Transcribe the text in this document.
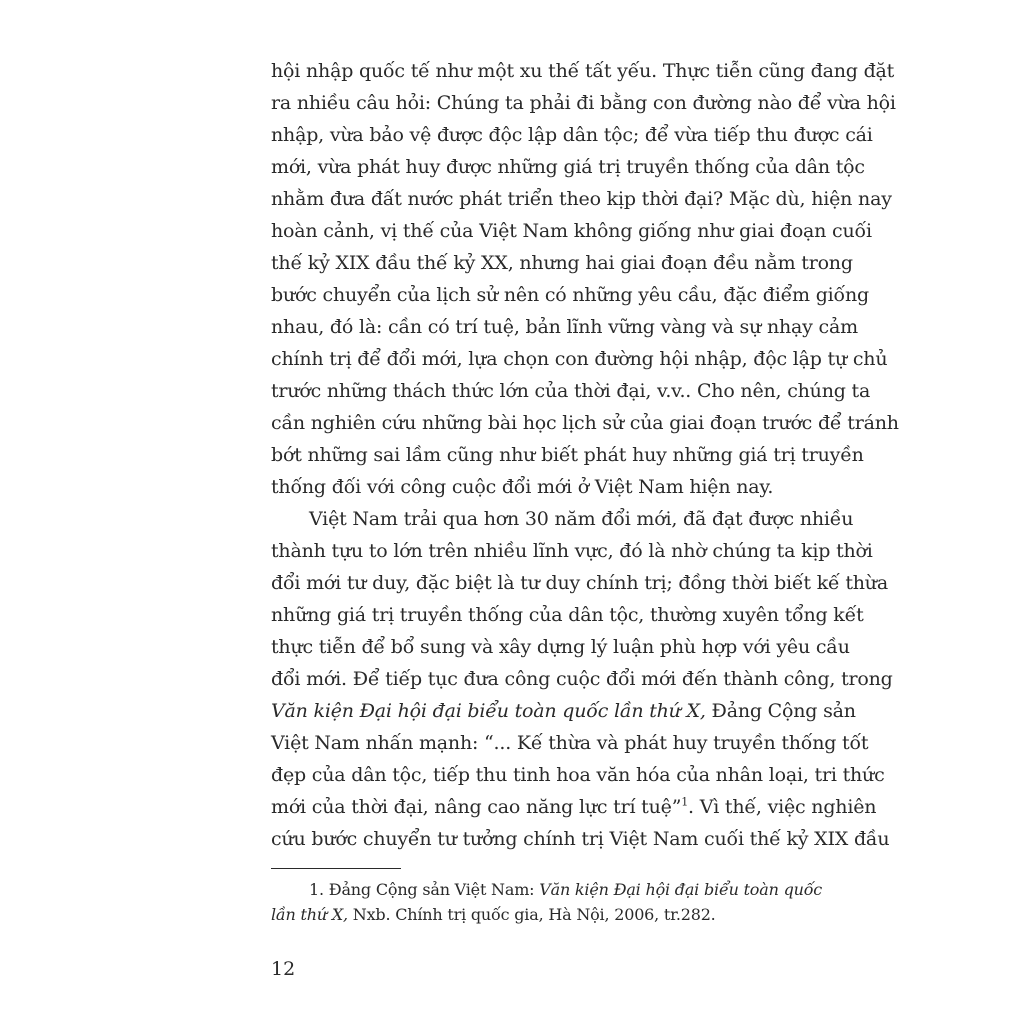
hội nhập quốc tế như một xu thế tất yếu. Thực tiễn cũng đang đặt
ra nhiều câu hỏi: Chúng ta phải đi bằng con đường nào để vừa hội
nhập, vừa bảo vệ được độc lập dân tộc; để vừa tiếp thu được cái
mới, vừa phát huy được những giá trị truyền thống của dân tộc
nhằm đưa đất nước phát triển theo kịp thời đại? Mặc dù, hiện nay
hoàn cảnh, vị thế của Việt Nam không giống như giai đoạn cuối
thế kỷ XIX đầu thế kỷ XX, nhưng hai giai đoạn đều nằm trong
bước chuyển của lịch sử nên có những yêu cầu, đặc điểm giống
nhau, đó là: cần có trí tuệ, bản lĩnh vững vàng và sự nhạy cảm
chính trị để đổi mới, lựa chọn con đường hội nhập, độc lập tự chủ
trước những thách thức lớn của thời đại, v.v.. Cho nên, chúng ta
cần nghiên cứu những bài học lịch sử của giai đoạn trước để tránh
bớt những sai lầm cũng như biết phát huy những giá trị truyền
thống đối với công cuộc đổi mới ở Việt Nam hiện nay.
Việt Nam trải qua hơn 30 năm đổi mới, đã đạt được nhiều
thành tựu to lớn trên nhiều lĩnh vực, đó là nhờ chúng ta kịp thời
đổi mới tư duy, đặc biệt là tư duy chính trị; đồng thời biết kế thừa
những giá trị truyền thống của dân tộc, thường xuyên tổng kết
thực tiễn để bổ sung và xây dựng lý luận phù hợp với yêu cầu
đổi mới. Để tiếp tục đưa công cuộc đổi mới đến thành công, trong
Văn kiện Đại hội đại biểu toàn quốc lần thứ X, Đảng Cộng sản
Việt Nam nhấn mạnh: “... Kế thừa và phát huy truyền thống tốt
đẹp của dân tộc, tiếp thu tinh hoa văn hóa của nhân loại, tri thức
mới của thời đại, nâng cao năng lực trí tuệ”$^1$. Vì thế, việc nghiên
cứu bước chuyển tư tưởng chính trị Việt Nam cuối thế kỷ XIX đầu
1. Đảng Cộng sản Việt Nam: Văn kiện Đại hội đại biểu toàn quốc
lần thứ X, Nxb. Chính trị quốc gia, Hà Nội, 2006, tr.282.
12
